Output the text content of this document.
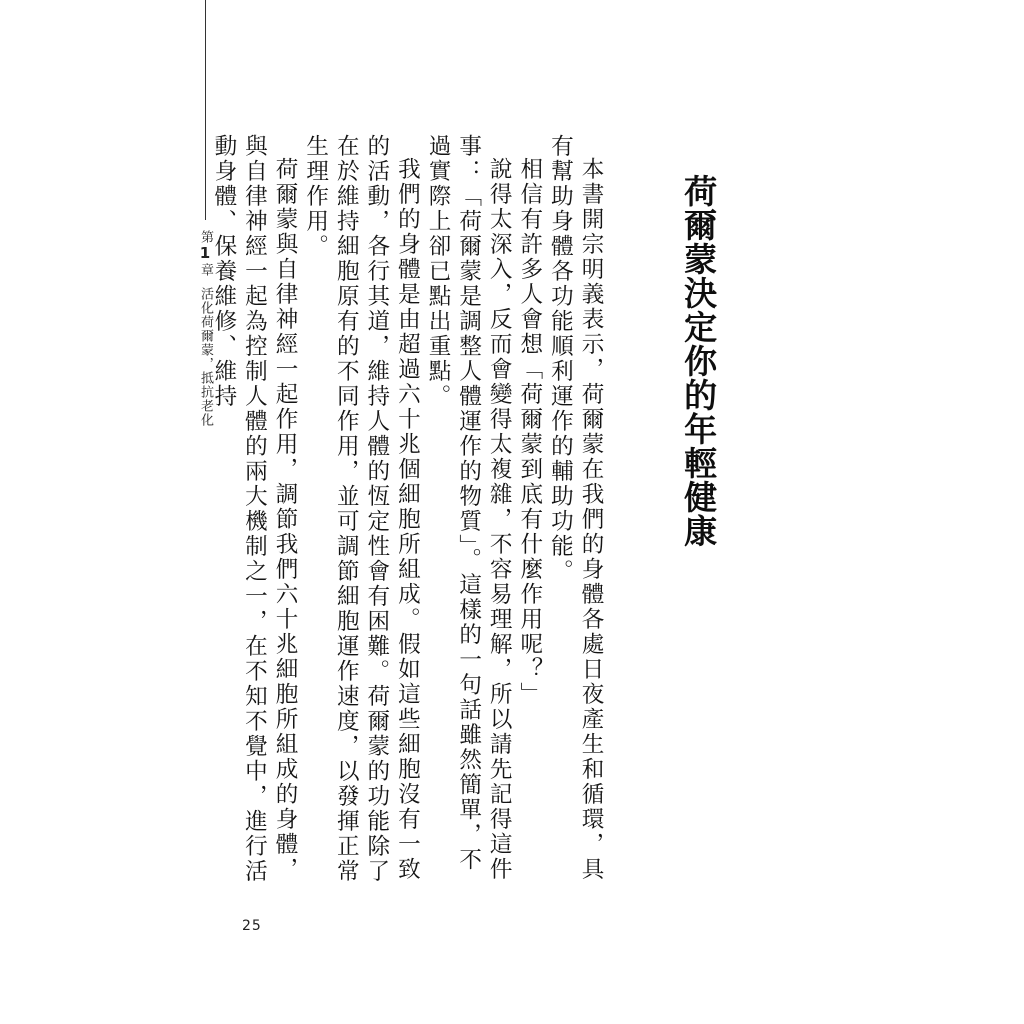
第1章活化荷爾蒙，抵抗老化	荷爾蒙決定你的年輕健康

本書開宗明義表示，荷爾蒙在我們的身體各處日夜產生和循環，具有幫助身體各功能順利運作的輔助功能。

相信有許多人會想「荷爾蒙到底有什麼作用呢？」

說得太深入，反而會變得太複雜，不容易理解，所以請先記得這件事：「荷爾蒙是調整人體運作的物質」。這樣的一句話雖然簡單，不過實際上卻已點出重點。

我們的身體是由超過六十兆個細胞所組成。假如這些細胞沒有一致的活動，各行其道，維持人體的恆定性會有困難。荷爾蒙的功能除了在於維持細胞原有的不同作用，並可調節細胞運作速度，以發揮正常生理作用。

荷爾蒙與自律神經一起作用，調節我們六十兆細胞所組成的身體，與自律神經一起為控制人體的兩大機制之一，在不知不覺中，進行活動身體、保養維修、維持

25
